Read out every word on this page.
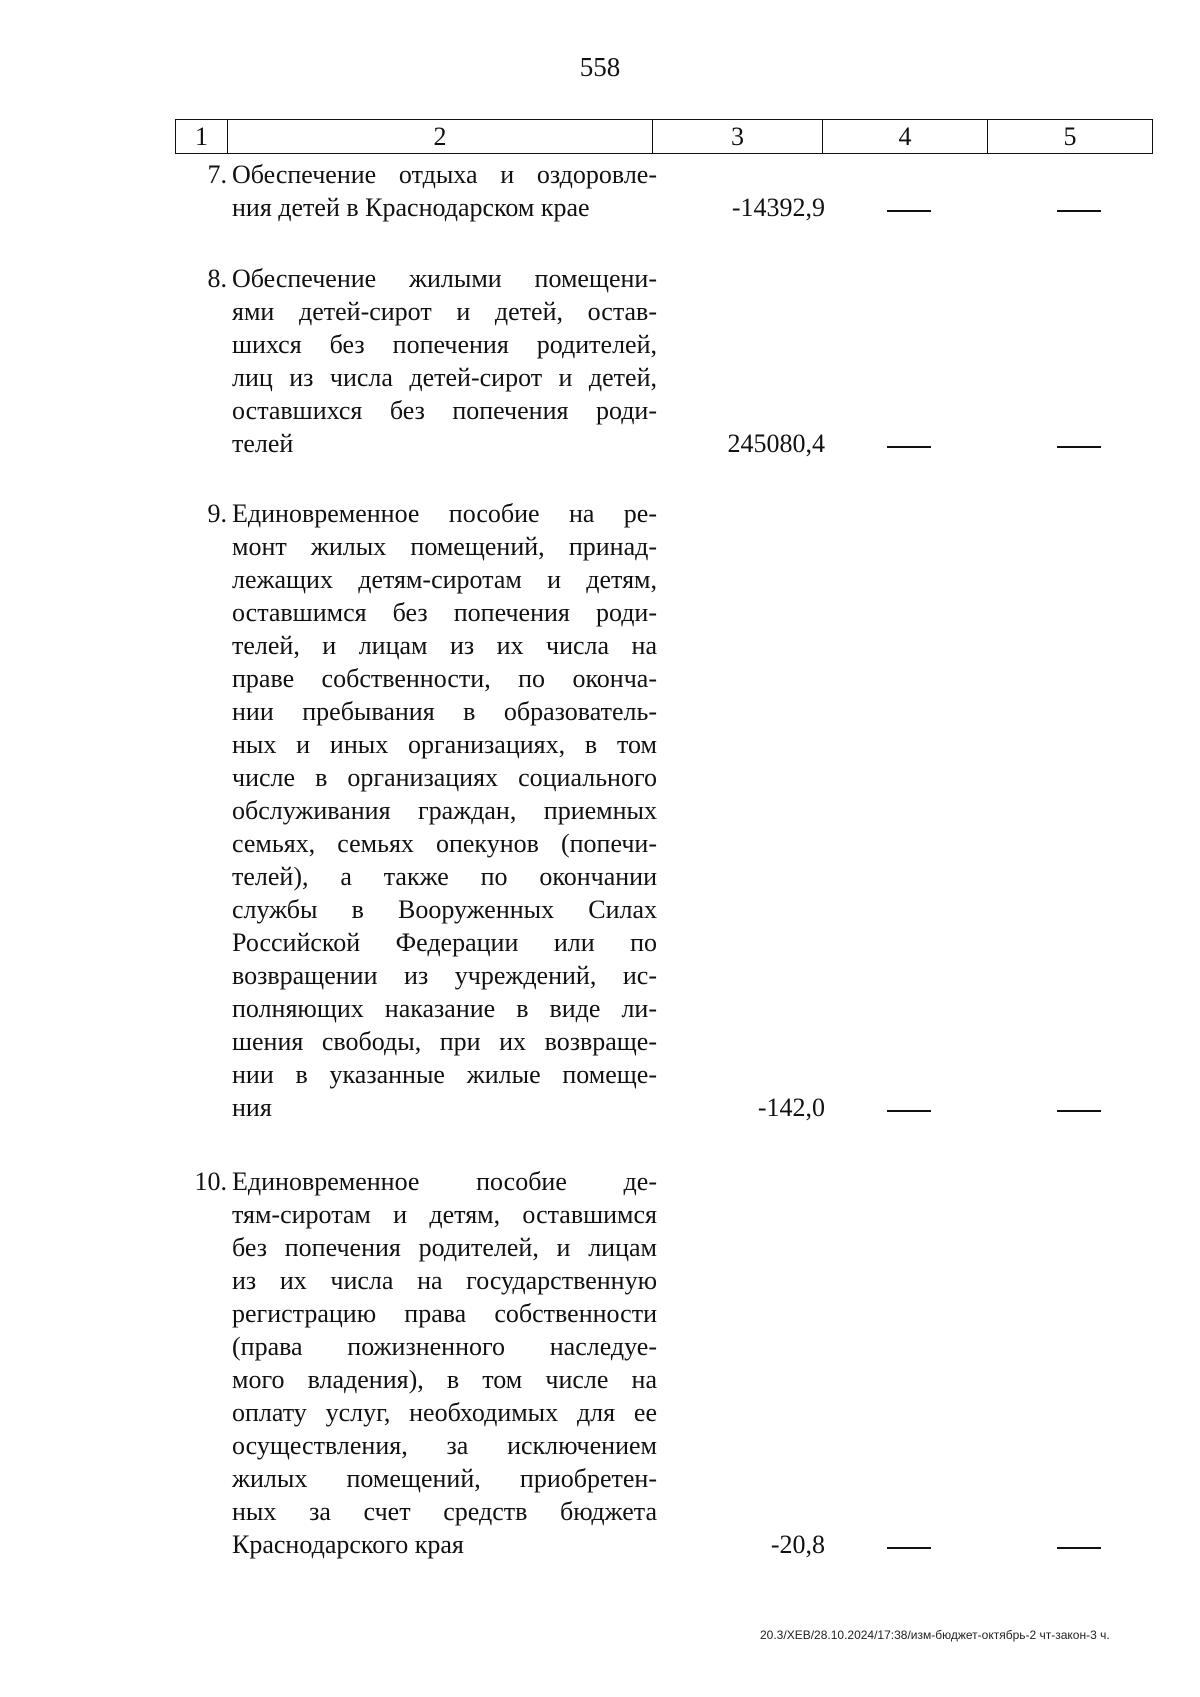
558
1	2	3	4	5
7. Обеспечение отдыха и оздоровле-
ния детей в Краснодарском крае	-14392,9
8. Обеспечение жилыми помещени-
ями детей-сирот и детей, остав-
шихся без попечения родителей,
лиц из числа детей-сирот и детей,
оставшихся без попечения роди-
телей	245080,4
9. Единовременное пособие на ре-
монт жилых помещений, принад-
лежащих детям-сиротам и детям,
оставшимся без попечения роди-
телей, и лицам из их числа на
праве собственности, по оконча-
нии пребывания в образователь-
ных и иных организациях, в том
числе в организациях социального
обслуживания граждан, приемных
семьях, семьях опекунов (попечи-
телей), а также по окончании
службы в Вооруженных Силах
Российской Федерации или по
возвращении из учреждений, ис-
полняющих наказание в виде ли-
шения свободы, при их возвраще-
нии в указанные жилые помеще-
ния	-142,0
10. Единовременное пособие де-
тям-сиротам и детям, оставшимся
без попечения родителей, и лицам
из их числа на государственную
регистрацию права собственности
(права пожизненного наследуе-
мого владения), в том числе на
оплату услуг, необходимых для ее
осуществления, за исключением
жилых помещений, приобретен-
ных за счет средств бюджета
Краснодарского края	-20,8
20.3/ХЕВ/28.10.2024/17:38/изм-бюджет-октябрь-2 чт-закон-3 ч.
